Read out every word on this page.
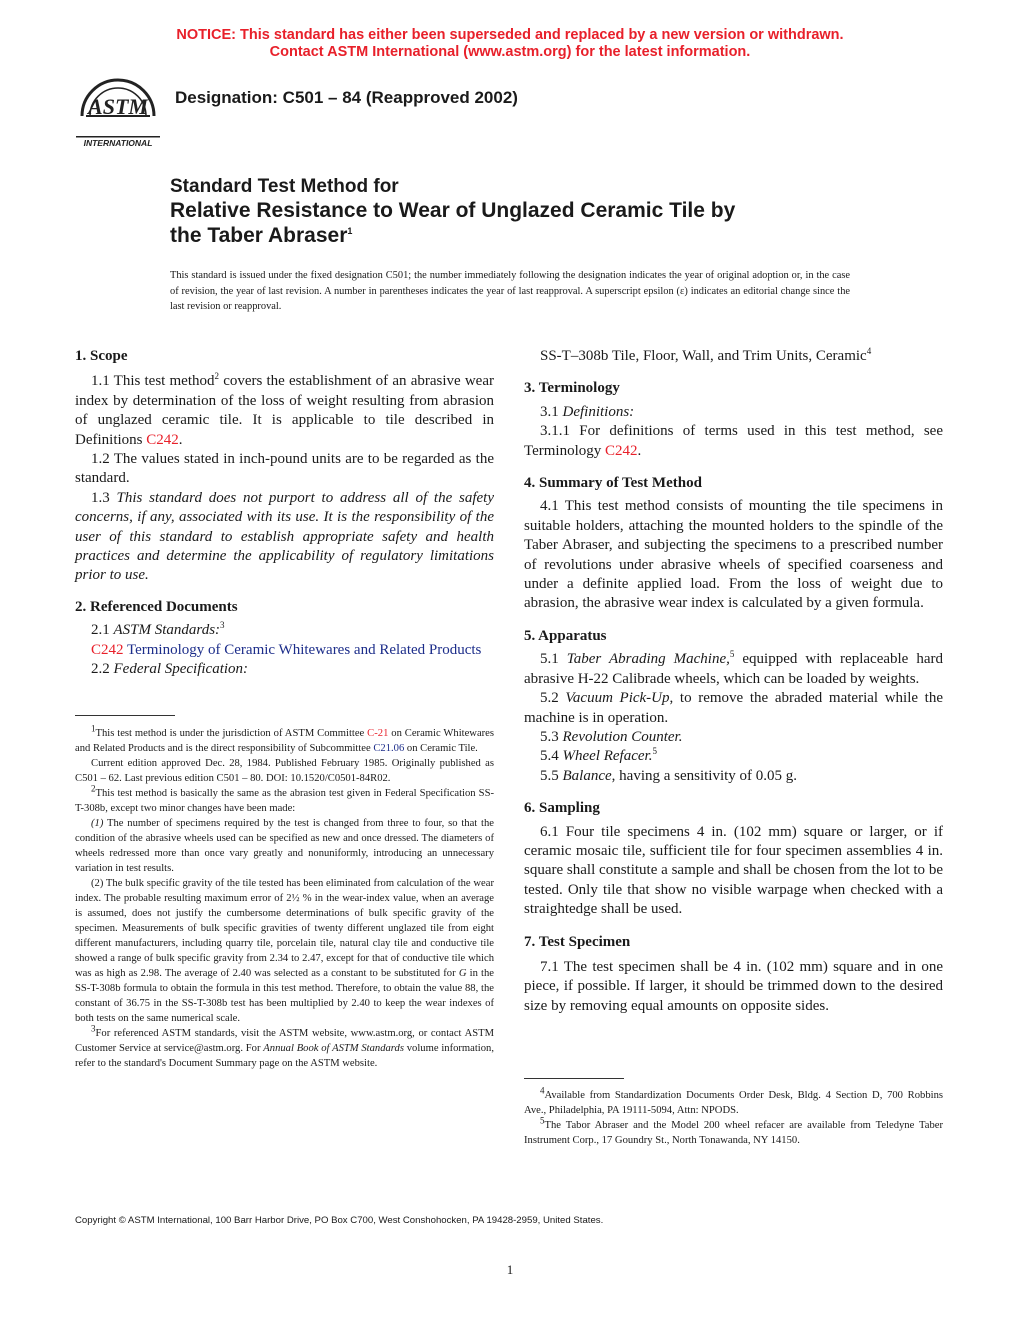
NOTICE: This standard has either been superseded and replaced by a new version or withdrawn.
Contact ASTM International (www.astm.org) for the latest information.
ASTM
INTERNATIONAL
Designation: C501 – 84 (Reapproved 2002)
Standard Test Method for
Relative Resistance to Wear of Unglazed Ceramic Tile by
the Taber Abraser$^1$
This standard is issued under the fixed designation C501; the number immediately following the designation indicates the year of original adoption or, in the case of revision, the year of last revision. A number in parentheses indicates the year of last reapproval. A superscript epsilon (ε) indicates an editorial change since the last revision or reapproval.
1. Scope

1.1 This test method$^2$ covers the establishment of an abrasive wear index by determination of the loss of weight resulting from abrasion of unglazed ceramic tile. It is applicable to tile described in Definitions C242.

1.2 The values stated in inch-pound units are to be regarded as the standard.

1.3 This standard does not purport to address all of the safety concerns, if any, associated with its use. It is the responsibility of the user of this standard to establish appropriate safety and health practices and determine the applicability of regulatory limitations prior to use.

2. Referenced Documents

2.1 ASTM Standards:$^3$

C242 Terminology of Ceramic Whitewares and Related Products

2.2 Federal Specification:

$^1$This test method is under the jurisdiction of ASTM Committee C-21 on Ceramic Whitewares and Related Products and is the direct responsibility of Subcommittee C21.06 on Ceramic Tile.

Current edition approved Dec. 28, 1984. Published February 1985. Originally published as C501 – 62. Last previous edition C501 – 80. DOI: 10.1520/C0501-84R02.

$^2$This test method is basically the same as the abrasion test given in Federal Specification SS-T-308b, except two minor changes have been made:

(1) The number of specimens required by the test is changed from three to four, so that the condition of the abrasive wheels used can be specified as new and once dressed. The diameters of wheels redressed more than once vary greatly and nonuniformly, introducing an unnecessary variation in test results.

(2) The bulk specific gravity of the tile tested has been eliminated from calculation of the wear index. The probable resulting maximum error of 2½ % in the wear-index value, when an average is assumed, does not justify the cumbersome determinations of bulk specific gravity of the specimen. Measurements of bulk specific gravities of twenty different unglazed tile from eight different manufacturers, including quarry tile, porcelain tile, natural clay tile and conductive tile showed a range of bulk specific gravity from 2.34 to 2.47, except for that of conductive tile which was as high as 2.98. The average of 2.40 was selected as a constant to be substituted for G in the SS-T-308b formula to obtain the formula in this test method. Therefore, to obtain the value 88, the constant of 36.75 in the SS-T-308b test has been multiplied by 2.40 to keep the wear indexes of both tests on the same numerical scale.

$^3$For referenced ASTM standards, visit the ASTM website, www.astm.org, or contact ASTM Customer Service at service@astm.org. For Annual Book of ASTM Standards volume information, refer to the standard's Document Summary page on the ASTM website.

SS-T–308b Tile, Floor, Wall, and Trim Units, Ceramic$^4$

3. Terminology

3.1 Definitions:

3.1.1 For definitions of terms used in this test method, see Terminology C242.

4. Summary of Test Method

4.1 This test method consists of mounting the tile specimens in suitable holders, attaching the mounted holders to the spindle of the Taber Abraser, and subjecting the specimens to a prescribed number of revolutions under abrasive wheels of specified coarseness and under a definite applied load. From the loss of weight due to abrasion, the abrasive wear index is calculated by a given formula.

5. Apparatus

5.1 Taber Abrading Machine,$^5$ equipped with replaceable hard abrasive H-22 Calibrade wheels, which can be loaded by weights.

5.2 Vacuum Pick-Up, to remove the abraded material while the machine is in operation.

5.3 Revolution Counter.

5.4 Wheel Refacer.$^5$

5.5 Balance, having a sensitivity of 0.05 g.

6. Sampling

6.1 Four tile specimens 4 in. (102 mm) square or larger, or if ceramic mosaic tile, sufficient tile for four specimen assemblies 4 in. square shall constitute a sample and shall be chosen from the lot to be tested. Only tile that show no visible warpage when checked with a straightedge shall be used.

7. Test Specimen

7.1 The test specimen shall be 4 in. (102 mm) square and in one piece, if possible. If larger, it should be trimmed down to the desired size by removing equal amounts on opposite sides.

$^4$Available from Standardization Documents Order Desk, Bldg. 4 Section D, 700 Robbins Ave., Philadelphia, PA 19111-5094, Attn: NPODS.

$^5$The Tabor Abraser and the Model 200 wheel refacer are available from Teledyne Taber Instrument Corp., 17 Goundry St., North Tonawanda, NY 14150.

Copyright © ASTM International, 100 Barr Harbor Drive, PO Box C700, West Conshohocken, PA 19428-2959, United States.
1
